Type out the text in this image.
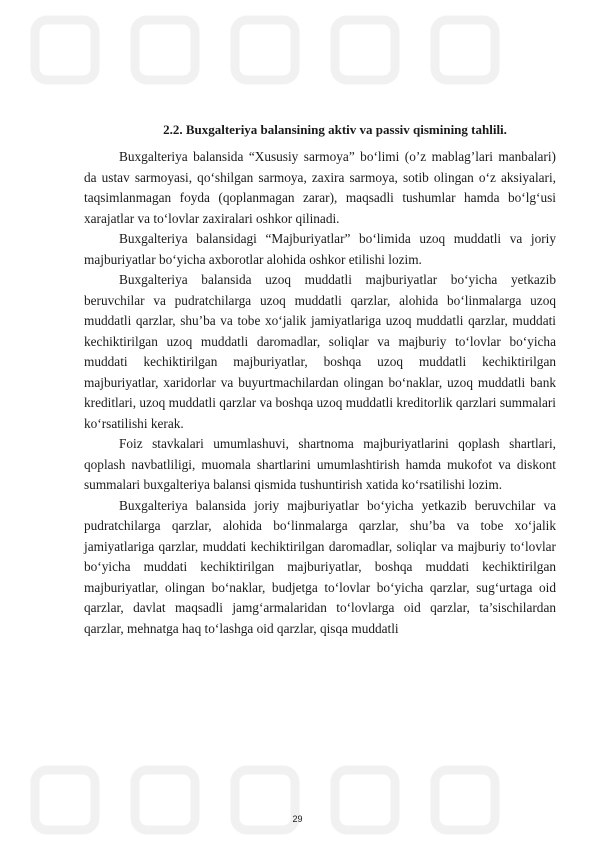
2.2. Buxgalteriya balansining aktiv va passiv qismining tahlili.

Buxgalteriya balansida “Xususiy sarmoya” bo‘limi (o’z mablag’lari manbalari) da ustav sarmoyasi, qo‘shilgan sarmoya, zaxira sarmoya, sotib olingan o‘z aksiyalari, taqsimlanmagan foyda (qoplanmagan zarar), maqsadli tushumlar hamda bo‘lg‘usi xarajatlar va to‘lovlar zaxiralari oshkor qilinadi.

Buxgalteriya balansidagi “Majburiyatlar” bo‘limida uzoq muddatli va joriy majburiyatlar bo‘yicha axborotlar alohida oshkor etilishi lozim.

Buxgalteriya balansida uzoq muddatli majburiyatlar bo‘yicha yetkazib beruvchilar va pudratchilarga uzoq muddatli qarzlar, alohida bo‘linmalarga uzoq muddatli qarzlar, shu’ba va tobe xo‘jalik jamiyatlariga uzoq muddatli qarzlar, muddati kechiktirilgan uzoq muddatli daromadlar, soliqlar va majburiy to‘lovlar bo‘yicha muddati kechiktirilgan majburiyatlar, boshqa uzoq muddatli kechiktirilgan majburiyatlar, xaridorlar va buyurtmachilardan olingan bo‘naklar, uzoq muddatli bank kreditlari, uzoq muddatli qarzlar va boshqa uzoq muddatli kreditorlik qarzlari summalari ko‘rsatilishi kerak.

Foiz stavkalari umumlashuvi, shartnoma majburiyatlarini qoplash shartlari, qoplash navbatliligi, muomala shartlarini umumlashtirish hamda mukofot va diskont summalari buxgalteriya balansi qismida tushuntirish xatida ko‘rsatilishi lozim.

Buxgalteriya balansida joriy majburiyatlar bo‘yicha yetkazib beruvchilar va pudratchilarga qarzlar, alohida bo‘linmalarga qarzlar, shu’ba va tobe xo‘jalik jamiyatlariga qarzlar, muddati kechiktirilgan daromadlar, soliqlar va majburiy to‘lovlar bo‘yicha muddati kechiktirilgan majburiyatlar, boshqa muddati kechiktirilgan majburiyatlar, olingan bo‘naklar, budjetga to‘lovlar bo‘yicha qarzlar, sug‘urtaga oid qarzlar, davlat maqsadli jamg‘armalaridan to‘lovlarga oid qarzlar, ta’sischilardan qarzlar, mehnatga haq to‘lashga oid qarzlar, qisqa muddatli

29
